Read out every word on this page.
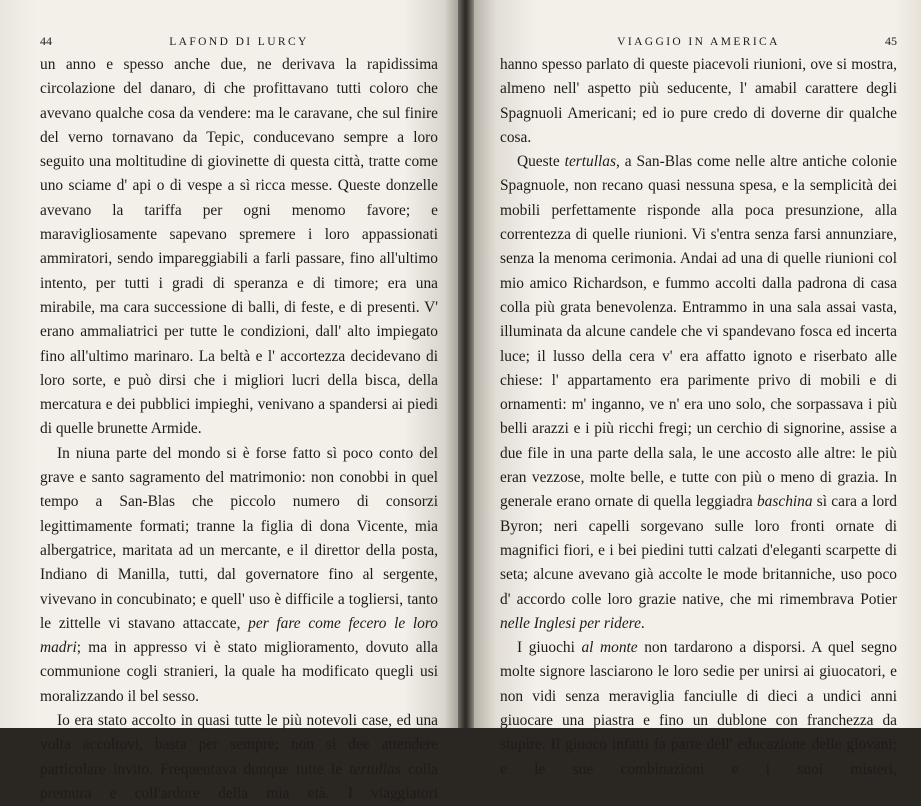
44	LAFOND DI LURCY

un anno e spesso anche due, ne derivava la rapidissima circolazione del danaro, di che profittavano tutti coloro che avevano qualche cosa da vendere: ma le caravane, che sul finire del verno tornavano da Tepic, conducevano sempre a loro seguito una moltitudine di giovinette di questa città, tratte come uno sciame d' api o di vespe a sì ricca messe. Queste donzelle avevano la tariffa per ogni menomo favore; e maravigliosamente sapevano spremere i loro appassionati ammiratori, sendo impareggiabili a farli passare, fino all'ultimo intento, per tutti i gradi di speranza e di timore; era una mirabile, ma cara successione di balli, di feste, e di presenti. V' erano ammaliatrici per tutte le condizioni, dall' alto impiegato fino all'ultimo marinaro. La beltà e l' accortezza decidevano di loro sorte, e può dirsi che i migliori lucri della bisca, della mercatura e dei pubblici impieghi, venivano a spandersi ai piedi di quelle brunette Armide.

In niuna parte del mondo si è forse fatto sì poco conto del grave e santo sagramento del matrimonio: non conobbi in quel tempo a San-Blas che piccolo numero di consorzi legittimamente formati; tranne la figlia di dona Vicente, mia albergatrice, maritata ad un mercante, e il direttor della posta, Indiano di Manilla, tutti, dal governatore fino al sergente, vivevano in concubinato; e quell' uso è difficile a togliersi, tanto le zittelle vi stavano attaccate, per fare come fecero le loro madri; ma in appresso vi è stato miglioramento, dovuto alla communione cogli stranieri, la quale ha modificato quegli usi moralizzando il bel sesso.

Io era stato accolto in quasi tutte le più notevoli case, ed una volta accoltovi, basta per sempre; non si dee attendere particolare invito. Frequentava dunque tutte le tertullas colla premura e coll'ardore della mia età. I viaggiatori

VIAGGIO IN AMERICA	45

hanno spesso parlato di queste piacevoli riunioni, ove si mostra, almeno nell' aspetto più seducente, l' amabil carattere degli Spagnuoli Americani; ed io pure credo di doverne dir qualche cosa.

Queste tertullas, a San-Blas come nelle altre antiche colonie Spagnuole, non recano quasi nessuna spesa, e la semplicità dei mobili perfettamente risponde alla poca presunzione, alla correntezza di quelle riunioni. Vi s'entra senza farsi annunziare, senza la menoma cerimonia. Andai ad una di quelle riunioni col mio amico Richardson, e fummo accolti dalla padrona di casa colla più grata benevolenza. Entrammo in una sala assai vasta, illuminata da alcune candele che vi spandevano fosca ed incerta luce; il lusso della cera v' era affatto ignoto e riserbato alle chiese: l' appartamento era parimente privo di mobili e di ornamenti: m' inganno, ve n' era uno solo, che sorpassava i più belli arazzi e i più ricchi fregi; un cerchio di signorine, assise a due file in una parte della sala, le une accosto alle altre: le più eran vezzose, molte belle, e tutte con più o meno di grazia. In generale erano ornate di quella leggiadra baschina sì cara a lord Byron; neri capelli sorgevano sulle loro fronti ornate di magnifici fiori, e i bei piedini tutti calzati d'eleganti scarpette di seta; alcune avevano già accolte le mode britanniche, uso poco d' accordo colle loro grazie native, che mi rimembrava Potier nelle Inglesi per ridere.

I giuochi al monte non tardarono a disporsi. A quel segno molte signore lasciarono le loro sedie per unirsi ai giuocatori, e non vidi senza meraviglia fanciulle di dieci a undici anni giuocare una piastra e fino un dublone con franchezza da stupire. Il giuoco infatti fa parte dell' educazione delle giovani; e le sue combinazioni e i suoi misteri,
